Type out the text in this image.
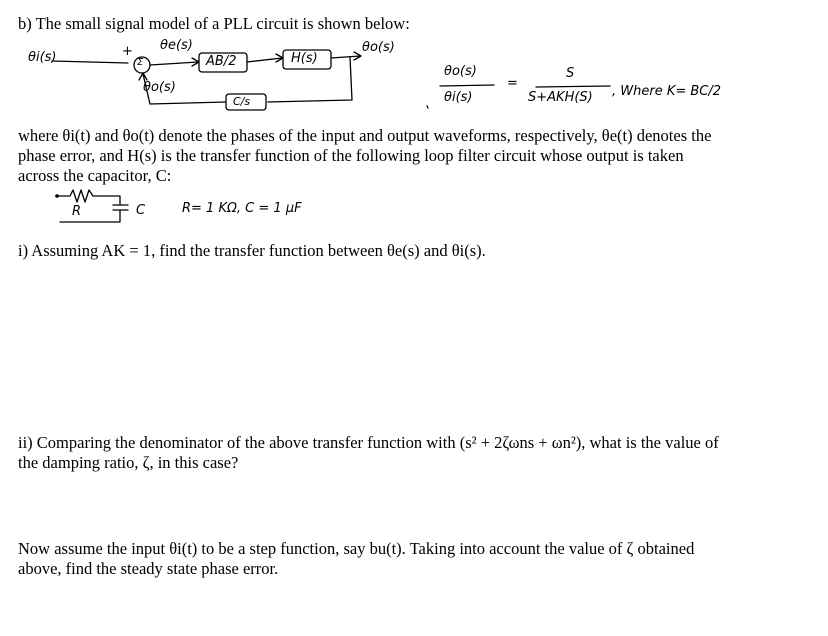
b) The small signal model of a PLL circuit is shown below:
θi(s)	+
Σ
θe(s)
θo(s)
AB/2	H(s)
θo(s)
C/s
θo(s)
θi(s)
=
S
S+AKH(S) , Where K= BC/2
where θi(t) and θo(t) denote the phases of the input and output waveforms, respectively, θe(t) denotes the
phase error, and H(s) is the transfer function of the following loop filter circuit whose output is taken
across the capacitor, C:
R	C	R= 1 KΩ, C = 1 μF
i) Assuming AK = 1, find the transfer function between θe(s) and θi(s).
ii) Comparing the denominator of the above transfer function with (s² + 2ζωns + ωn²), what is the value of
the damping ratio, ζ, in this case?
Now assume the input θi(t) to be a step function, say bu(t). Taking into account the value of ζ obtained
above, find the steady state phase error.
